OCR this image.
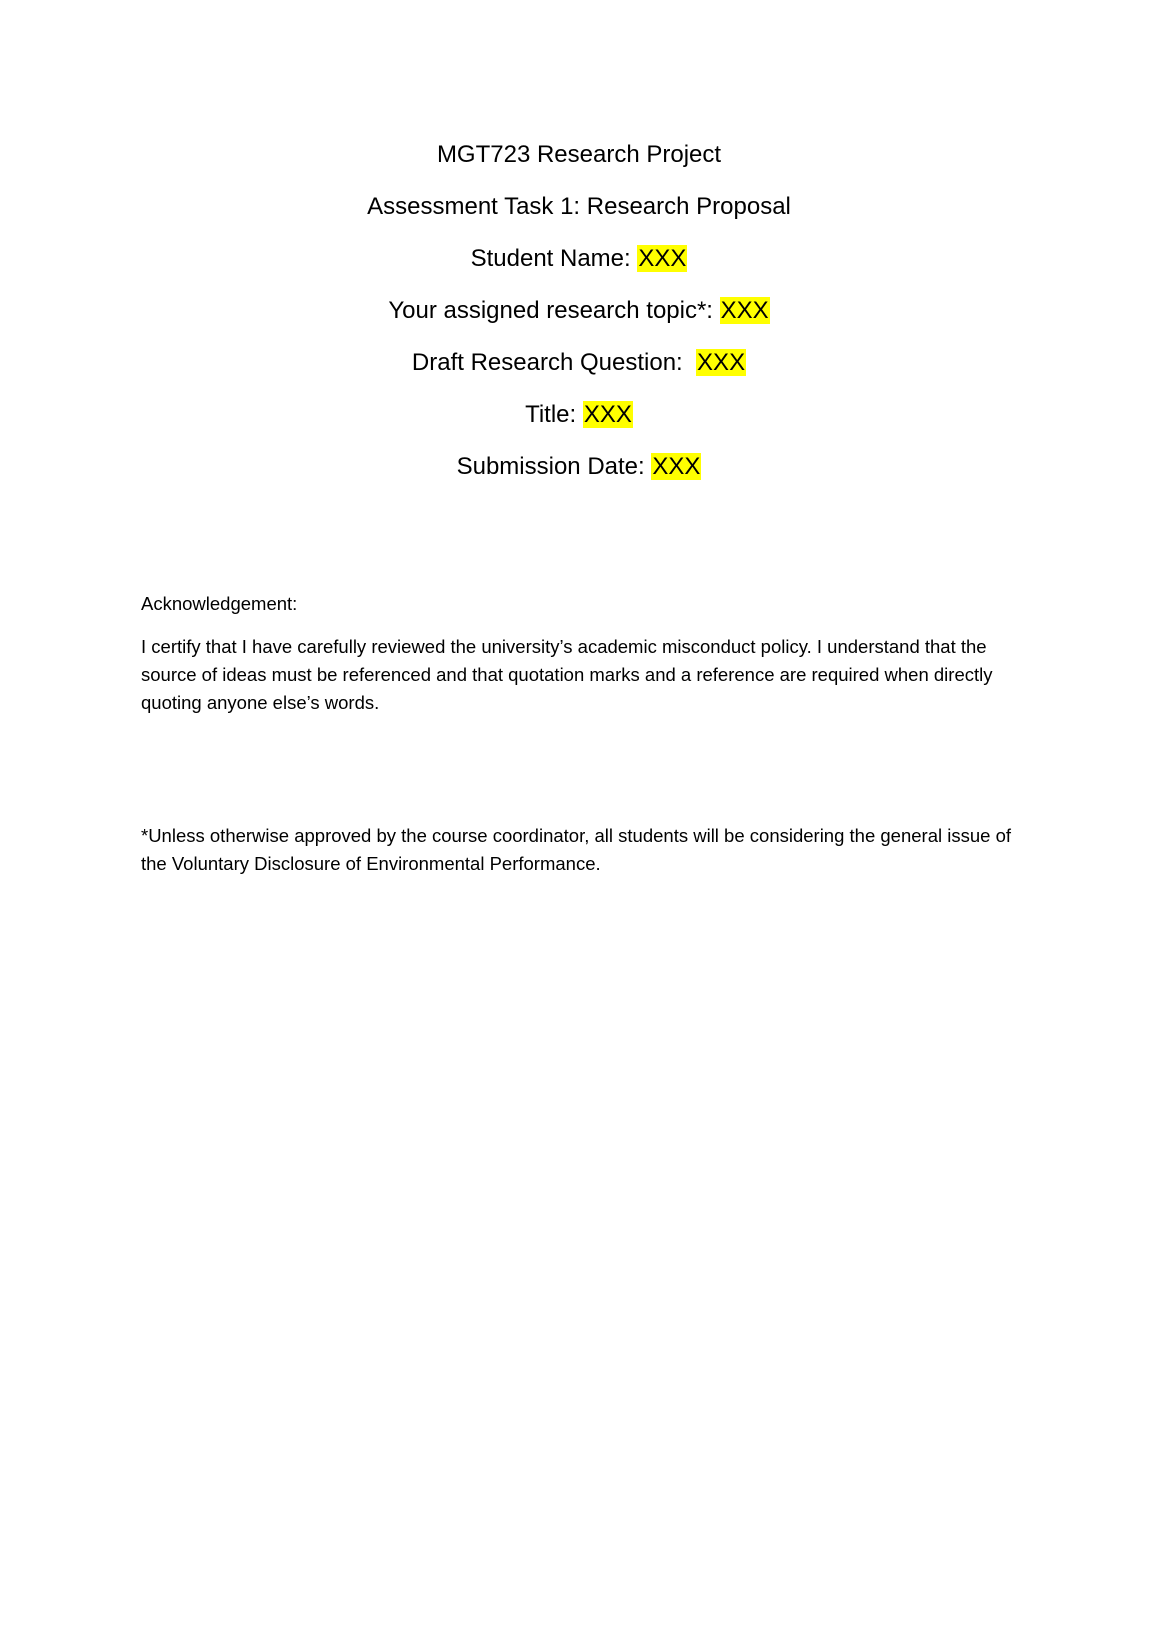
MGT723 Research Project
Assessment Task 1: Research Proposal
Student Name: XXX
Your assigned research topic*: XXX
Draft Research Question:  XXX
Title: XXX
Submission Date: XXX

Acknowledgement:

I certify that I have carefully reviewed the university’s academic misconduct policy. I understand that the source of ideas must be referenced and that quotation marks and a reference are required when directly quoting anyone else’s words.

*Unless otherwise approved by the course coordinator, all students will be considering the general issue of the Voluntary Disclosure of Environmental Performance.
